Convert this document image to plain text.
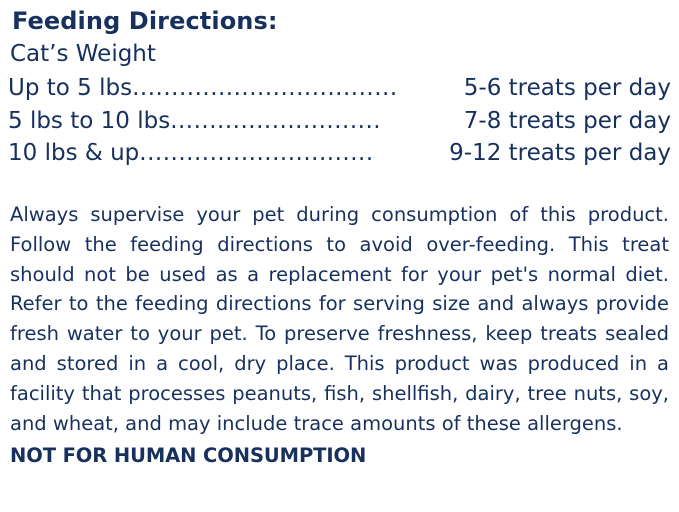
Feeding Directions:
Cat’s Weight
Up to 5 lbs ..................................	5-6 treats per day
5 lbs to 10 lbs ...........................	7-8 treats per day
10 lbs & up ..............................	9-12 treats per day

Always supervise your pet during consumption of this product. Follow the feeding directions to avoid over-feeding. This treat should not be used as a replacement for your pet's normal diet. Refer to the feeding directions for serving size and always provide fresh water to your pet. To preserve freshness, keep treats sealed and stored in a cool, dry place. This product was produced in a facility that processes peanuts, fish, shellfish, dairy, tree nuts, soy, and wheat, and may include trace amounts of these allergens.

NOT FOR HUMAN CONSUMPTION
